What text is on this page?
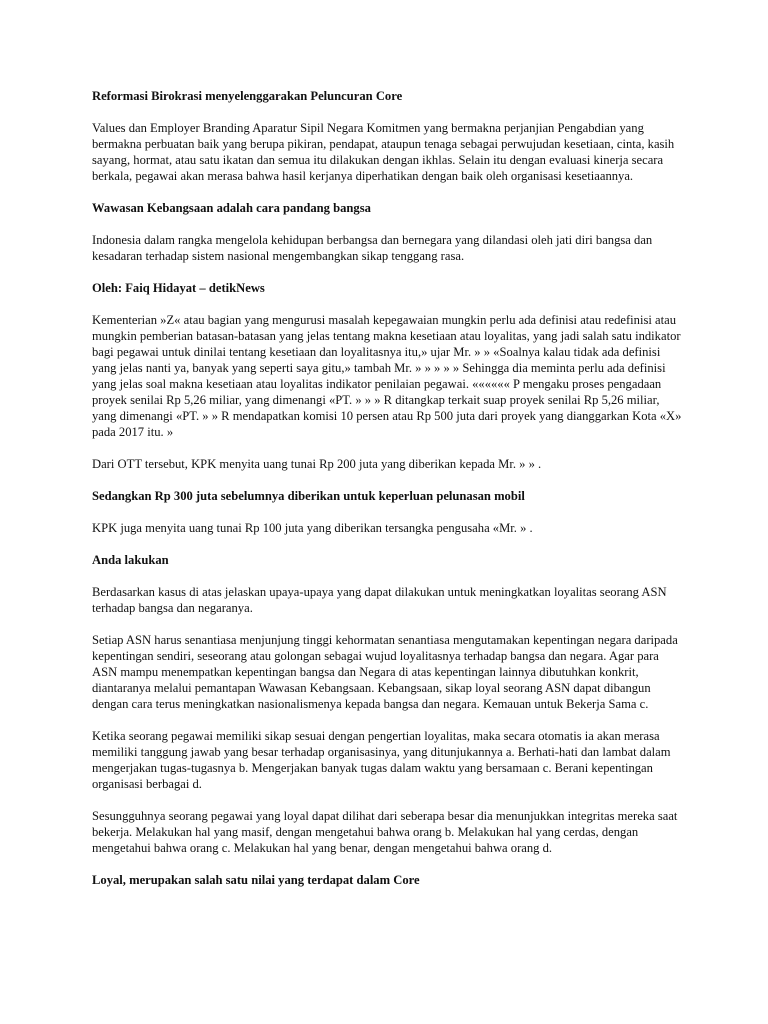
Reformasi Birokrasi menyelenggarakan Peluncuran Core

Values dan Employer Branding Aparatur Sipil Negara Komitmen yang bermakna perjanjian Pengabdian yang bermakna perbuatan baik yang berupa pikiran, pendapat, ataupun tenaga sebagai perwujudan kesetiaan, cinta, kasih sayang, hormat, atau satu ikatan dan semua itu dilakukan dengan ikhlas. Selain itu dengan evaluasi kinerja secara berkala, pegawai akan merasa bahwa hasil kerjanya diperhatikan dengan baik oleh organisasi kesetiaannya.

Wawasan Kebangsaan adalah cara pandang bangsa

Indonesia dalam rangka mengelola kehidupan berbangsa dan bernegara yang dilandasi oleh jati diri bangsa dan kesadaran terhadap sistem nasional mengembangkan sikap tenggang rasa.

Oleh: Faiq Hidayat – detikNews

Kementerian »Z« atau bagian yang mengurusi masalah kepegawaian mungkin perlu ada definisi atau redefinisi atau mungkin pemberian batasan-batasan yang jelas tentang makna kesetiaan atau loyalitas, yang jadi salah satu indikator bagi pegawai untuk dinilai tentang kesetiaan dan loyalitasnya itu,» ujar Mr. » » «Soalnya kalau tidak ada definisi yang jelas nanti ya, banyak yang seperti saya gitu,» tambah Mr. » » » » » Sehingga dia meminta perlu ada definisi yang jelas soal makna kesetiaan atau loyalitas indikator penilaian pegawai. «««««« P mengaku proses pengadaan proyek senilai Rp 5,26 miliar, yang dimenangi «PT. » » » R ditangkap terkait suap proyek senilai Rp 5,26 miliar, yang dimenangi «PT. » » R mendapatkan komisi 10 persen atau Rp 500 juta dari proyek yang dianggarkan Kota «X» pada 2017 itu. »

Dari OTT tersebut, KPK menyita uang tunai Rp 200 juta yang diberikan kepada Mr. » » .

Sedangkan Rp 300 juta sebelumnya diberikan untuk keperluan pelunasan mobil

KPK juga menyita uang tunai Rp 100 juta yang diberikan tersangka pengusaha «Mr. » .

Anda lakukan

Berdasarkan kasus di atas jelaskan upaya-upaya yang dapat dilakukan untuk meningkatkan loyalitas seorang ASN terhadap bangsa dan negaranya.

Setiap ASN harus senantiasa menjunjung tinggi kehormatan senantiasa mengutamakan kepentingan negara daripada kepentingan sendiri, seseorang atau golongan sebagai wujud loyalitasnya terhadap bangsa dan negara. Agar para ASN mampu menempatkan kepentingan bangsa dan Negara di atas kepentingan lainnya dibutuhkan konkrit, diantaranya melalui pemantapan Wawasan Kebangsaan. Kebangsaan, sikap loyal seorang ASN dapat dibangun dengan cara terus meningkatkan nasionalismenya kepada bangsa dan negara. Kemauan untuk Bekerja Sama c.

Ketika seorang pegawai memiliki sikap sesuai dengan pengertian loyalitas, maka secara otomatis ia akan merasa memiliki tanggung jawab yang besar terhadap organisasinya, yang ditunjukannya a. Berhati-hati dan lambat dalam mengerjakan tugas-tugasnya b. Mengerjakan banyak tugas dalam waktu yang bersamaan c. Berani kepentingan organisasi berbagai d.

Sesungguhnya seorang pegawai yang loyal dapat dilihat dari seberapa besar dia menunjukkan integritas mereka saat bekerja. Melakukan hal yang masif, dengan mengetahui bahwa orang b. Melakukan hal yang cerdas, dengan mengetahui bahwa orang c. Melakukan hal yang benar, dengan mengetahui bahwa orang d.

Loyal, merupakan salah satu nilai yang terdapat dalam Core
